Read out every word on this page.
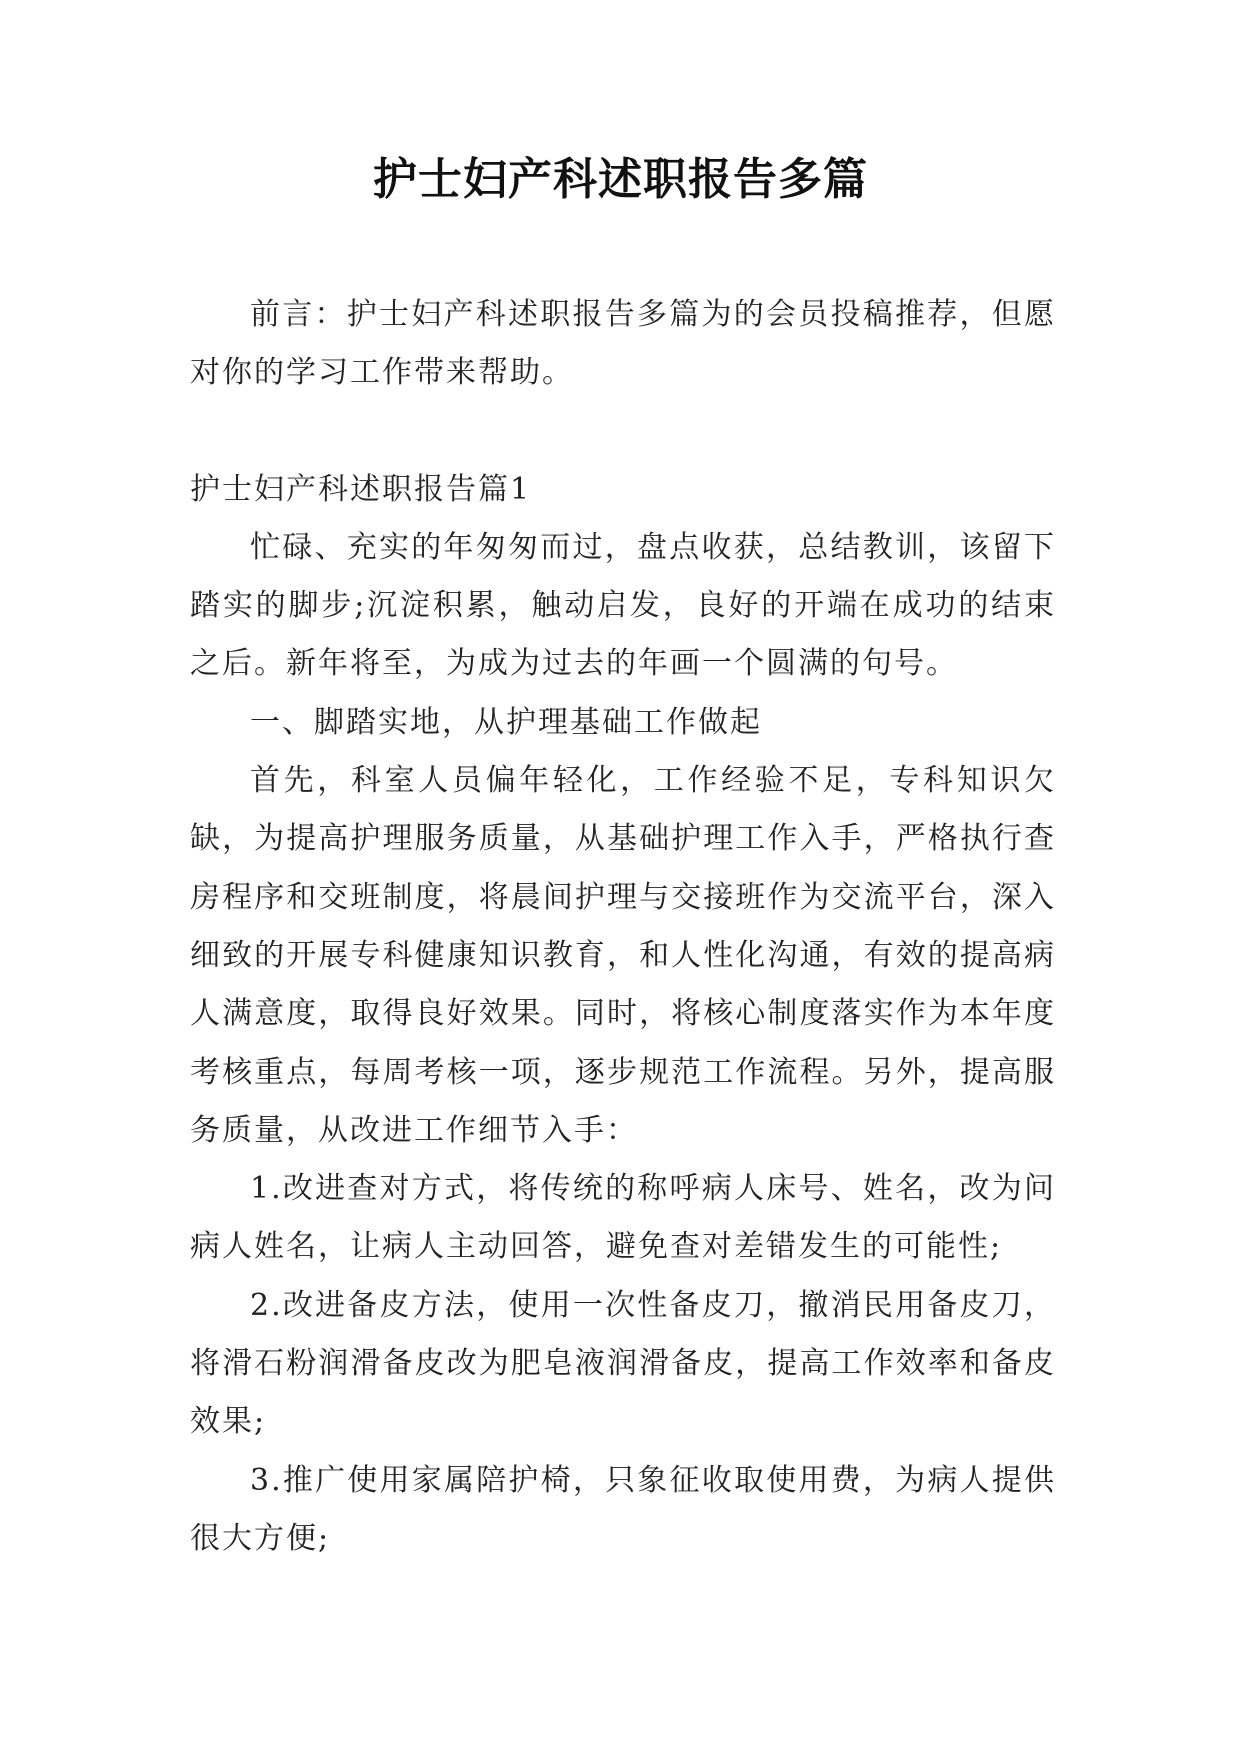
护士妇产科述职报告多篇

前言：护士妇产科述职报告多篇为的会员投稿推荐，但愿对你的学习工作带来帮助。

护士妇产科述职报告篇1

忙碌、充实的年匆匆而过，盘点收获，总结教训，该留下踏实的脚步;沉淀积累，触动启发，良好的开端在成功的结束之后。新年将至，为成为过去的年画一个圆满的句号。

一、脚踏实地，从护理基础工作做起

首先，科室人员偏年轻化，工作经验不足，专科知识欠缺，为提高护理服务质量，从基础护理工作入手，严格执行查房程序和交班制度，将晨间护理与交接班作为交流平台，深入细致的开展专科健康知识教育，和人性化沟通，有效的提高病人满意度，取得良好效果。同时，将核心制度落实作为本年度考核重点，每周考核一项，逐步规范工作流程。另外，提高服务质量，从改进工作细节入手：

1.改进查对方式，将传统的称呼病人床号、姓名，改为问病人姓名，让病人主动回答，避免查对差错发生的可能性;

2.改进备皮方法，使用一次性备皮刀，撤消民用备皮刀，将滑石粉润滑备皮改为肥皂液润滑备皮，提高工作效率和备皮效果;

3.推广使用家属陪护椅，只象征收取使用费，为病人提供很大方便;
